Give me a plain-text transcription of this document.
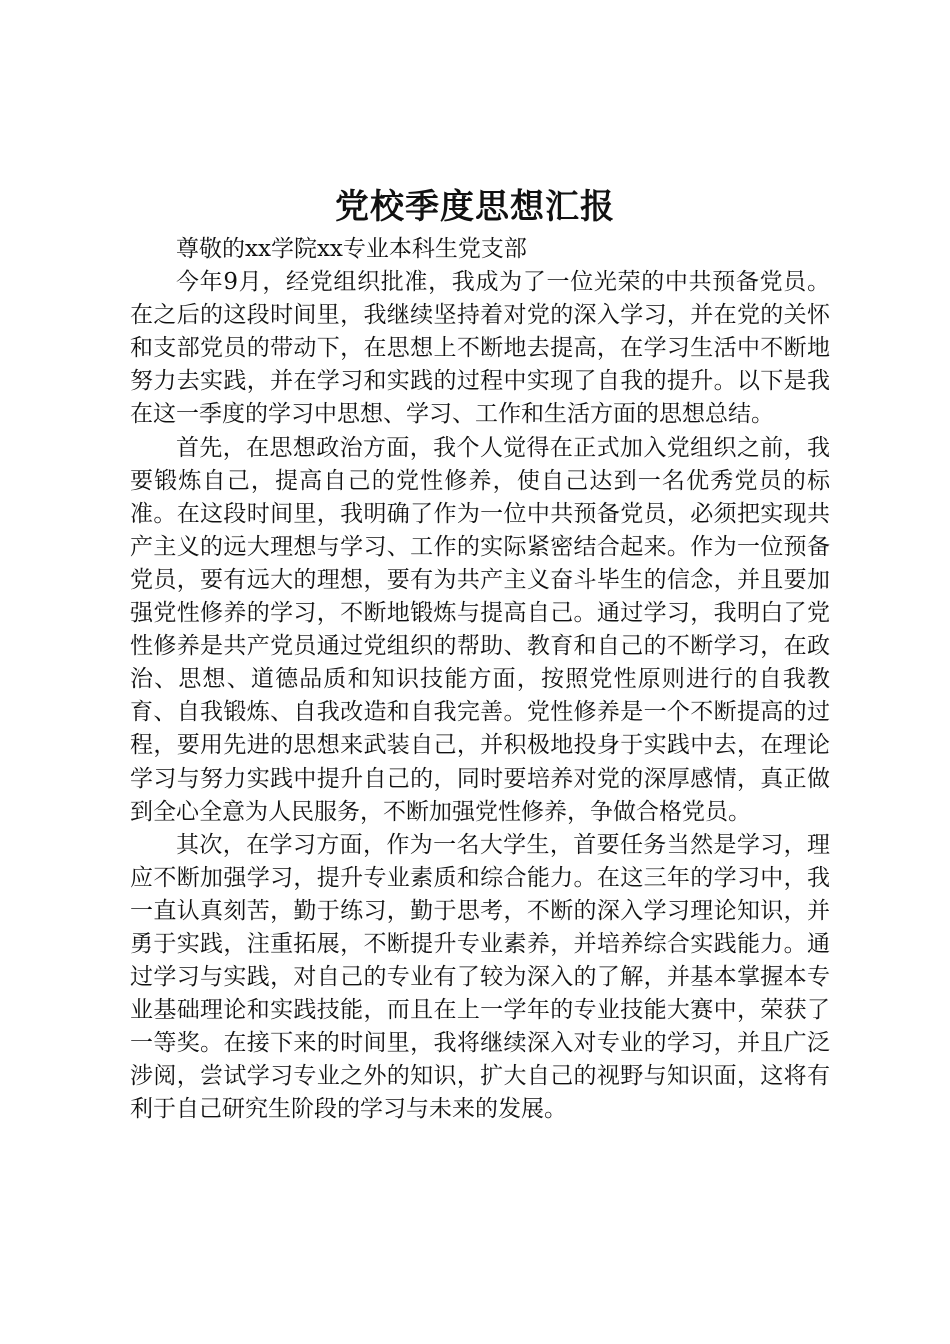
党校季度思想汇报

尊敬的xx学院xx专业本科生党支部

今年9月，经党组织批准，我成为了一位光荣的中共预备党员。在之后的这段时间里，我继续坚持着对党的深入学习，并在党的关怀和支部党员的带动下，在思想上不断地去提高，在学习生活中不断地努力去实践，并在学习和实践的过程中实现了自我的提升。以下是我在这一季度的学习中思想、学习、工作和生活方面的思想总结。

首先，在思想政治方面，我个人觉得在正式加入党组织之前，我要锻炼自己，提高自己的党性修养，使自己达到一名优秀党员的标准。在这段时间里，我明确了作为一位中共预备党员，必须把实现共产主义的远大理想与学习、工作的实际紧密结合起来。作为一位预备党员，要有远大的理想，要有为共产主义奋斗毕生的信念，并且要加强党性修养的学习，不断地锻炼与提高自己。通过学习，我明白了党性修养是共产党员通过党组织的帮助、教育和自己的不断学习，在政治、思想、道德品质和知识技能方面，按照党性原则进行的自我教育、自我锻炼、自我改造和自我完善。党性修养是一个不断提高的过程，要用先进的思想来武装自己，并积极地投身于实践中去，在理论学习与努力实践中提升自己的，同时要培养对党的深厚感情，真正做到全心全意为人民服务，不断加强党性修养，争做合格党员。

其次，在学习方面，作为一名大学生，首要任务当然是学习，理应不断加强学习，提升专业素质和综合能力。在这三年的学习中，我一直认真刻苦，勤于练习，勤于思考，不断的深入学习理论知识，并勇于实践，注重拓展，不断提升专业素养，并培养综合实践能力。通过学习与实践，对自己的专业有了较为深入的了解，并基本掌握本专业基础理论和实践技能，而且在上一学年的专业技能大赛中，荣获了一等奖。在接下来的时间里，我将继续深入对专业的学习，并且广泛涉阅，尝试学习专业之外的知识，扩大自己的视野与知识面，这将有利于自己研究生阶段的学习与未来的发展。
